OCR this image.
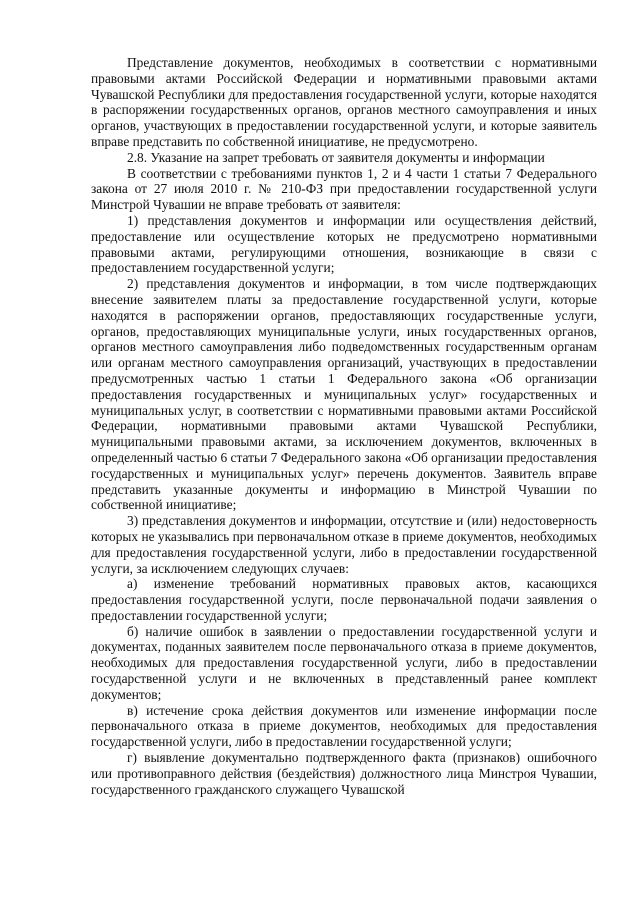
Представление документов, необходимых в соответствии с нормативными правовыми актами Российской Федерации и нормативными правовыми актами Чувашской Республики для предоставления государственной услуги, которые находятся в распоряжении государственных органов, органов местного самоуправления и иных органов, участвующих в предоставлении государственной услуги, и которые заявитель вправе представить по собственной инициативе, не предусмотрено.

2.8. Указание на запрет требовать от заявителя документы и информации

В соответствии с требованиями пунктов 1, 2 и 4 части 1 статьи 7 Федерального закона от 27 июля 2010 г. № 210-ФЗ при предоставлении государственной услуги Минстрой Чувашии не вправе требовать от заявителя:

1) представления документов и информации или осуществления действий, предоставление или осуществление которых не предусмотрено нормативными правовыми актами, регулирующими отношения, возникающие в связи с предоставлением государственной услуги;

2) представления документов и информации, в том числе подтверждающих внесение заявителем платы за предоставление государственной услуги, которые находятся в распоряжении органов, предоставляющих государственные услуги, органов, предоставляющих муниципальные услуги, иных государственных органов, органов местного самоуправления либо подведомственных государственным органам или органам местного самоуправления организаций, участвующих в предоставлении предусмотренных частью 1 статьи 1 Федерального закона «Об организации предоставления государственных и муниципальных услуг» государственных и муниципальных услуг, в соответствии с нормативными правовыми актами Российской Федерации, нормативными правовыми актами Чувашской Республики, муниципальными правовыми актами, за исключением документов, включенных в определенный частью 6 статьи 7 Федерального закона «Об организации предоставления государственных и муниципальных услуг» перечень документов. Заявитель вправе представить указанные документы и информацию в Минстрой Чувашии по собственной инициативе;

3) представления документов и информации, отсутствие и (или) недостоверность которых не указывались при первоначальном отказе в приеме документов, необходимых для предоставления государственной услуги, либо в предоставлении государственной услуги, за исключением следующих случаев:

а) изменение требований нормативных правовых актов, касающихся предоставления государственной услуги, после первоначальной подачи заявления о предоставлении государственной услуги;

б) наличие ошибок в заявлении о предоставлении государственной услуги и документах, поданных заявителем после первоначального отказа в приеме документов, необходимых для предоставления государственной услуги, либо в предоставлении государственной услуги и не включенных в представленный ранее комплект документов;

в) истечение срока действия документов или изменение информации после первоначального отказа в приеме документов, необходимых для предоставления государственной услуги, либо в предоставлении государственной услуги;

г) выявление документально подтвержденного факта (признаков) ошибочного или противоправного действия (бездействия) должностного лица Минстроя Чувашии, государственного гражданского служащего Чувашской
